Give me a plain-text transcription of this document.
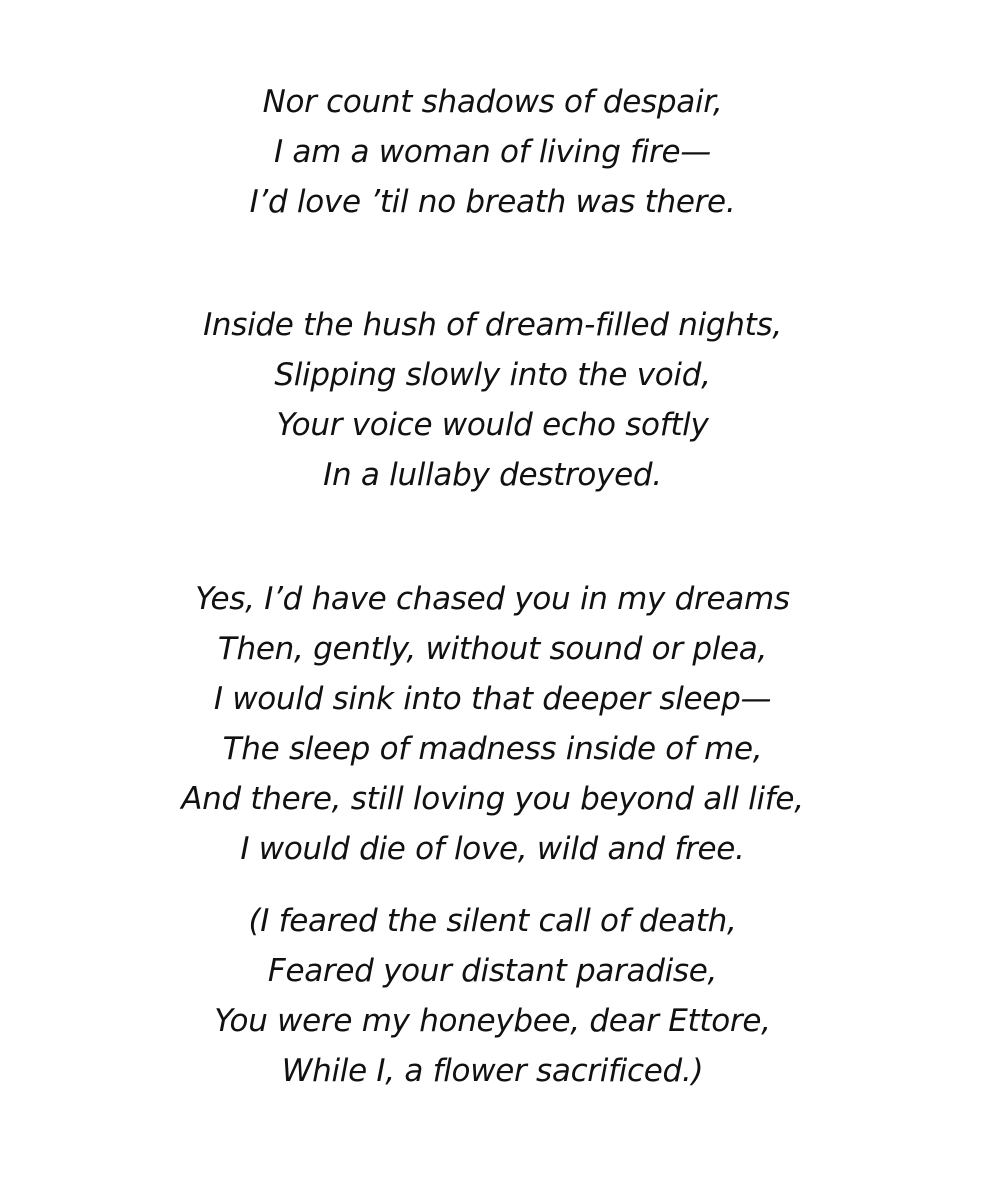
Nor count shadows of despair,
I am a woman of living fire—
I’d love ’til no breath was there.
Inside the hush of dream-filled nights,
Slipping slowly into the void,
Your voice would echo softly
In a lullaby destroyed.
Yes, I’d have chased you in my dreams
Then, gently, without sound or plea,
I would sink into that deeper sleep—
The sleep of madness inside of me,
And there, still loving you beyond all life,
I would die of love, wild and free.
(I feared the silent call of death,
Feared your distant paradise,
You were my honeybee, dear Ettore,
While I, a flower sacrificed.)
